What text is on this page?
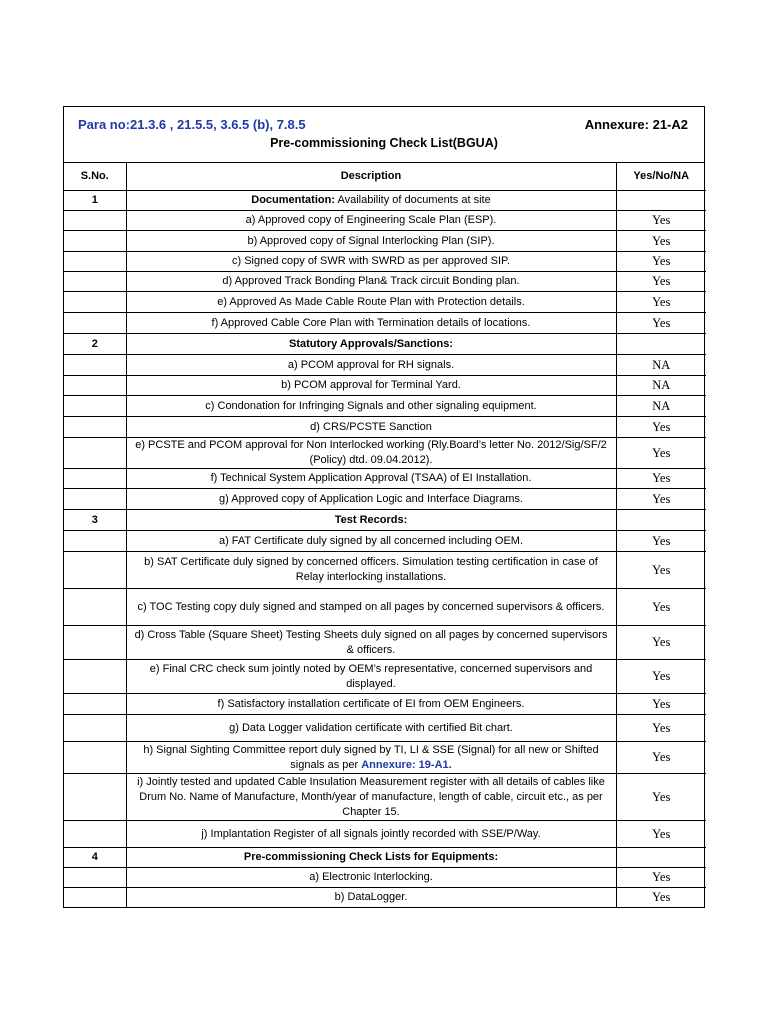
Para no:21.3.6 , 21.5.5, 3.6.5 (b), 7.8.5	Annexure: 21-A2
Pre-commissioning Check List(BGUA)
S.No.	Description	Yes/No/NA
1	Documentation: Availability of documents at site	
	a) Approved copy of Engineering Scale Plan (ESP).	Yes
	b) Approved copy of Signal Interlocking Plan (SIP).	Yes
	c) Signed copy of SWR with SWRD as per approved SIP.	Yes
	d) Approved Track Bonding Plan& Track circuit Bonding plan.	Yes
	e) Approved As Made Cable Route Plan with Protection details.	Yes
	f) Approved Cable Core Plan with Termination details of locations.	Yes
2	Statutory Approvals/Sanctions:	
	a) PCOM approval for RH signals.	NA
	b) PCOM approval for Terminal Yard.	NA
	c) Condonation for Infringing Signals and other signaling equipment.	NA
	d) CRS/PCSTE Sanction	Yes
	e) PCSTE and PCOM approval for Non Interlocked working (Rly.Board’s letter No. 2012/Sig/SF/2 (Policy) dtd. 09.04.2012).	Yes
	f) Technical System Application Approval (TSAA) of EI Installation.	Yes
	g) Approved copy of Application Logic and Interface Diagrams.	Yes
3	Test Records:	
	a) FAT Certificate duly signed by all concerned including OEM.	Yes
	b) SAT Certificate duly signed by concerned officers. Simulation testing certification in case of Relay interlocking installations.	Yes
	c) TOC Testing copy duly signed and stamped on all pages by concerned supervisors & officers.	Yes
	d) Cross Table (Square Sheet) Testing Sheets duly signed on all pages by concerned supervisors & officers.	Yes
	e) Final CRC check sum jointly noted by OEM’s representative, concerned supervisors and displayed.	Yes
	f) Satisfactory installation certificate of EI from OEM Engineers.	Yes
	g) Data Logger validation certificate with certified Bit chart.	Yes
	h) Signal Sighting Committee report duly signed by TI, LI & SSE (Signal) for all new or Shifted signals as per Annexure: 19-A1.	Yes
	i) Jointly tested and updated Cable Insulation Measurement register with all details of cables like Drum No. Name of Manufacture, Month/year of manufacture, length of cable, circuit etc., as per Chapter 15.	Yes
	j) Implantation Register of all signals jointly recorded with SSE/P/Way.	Yes
4	Pre-commissioning Check Lists for Equipments:	
	a) Electronic Interlocking.	Yes
	b) DataLogger.	Yes
